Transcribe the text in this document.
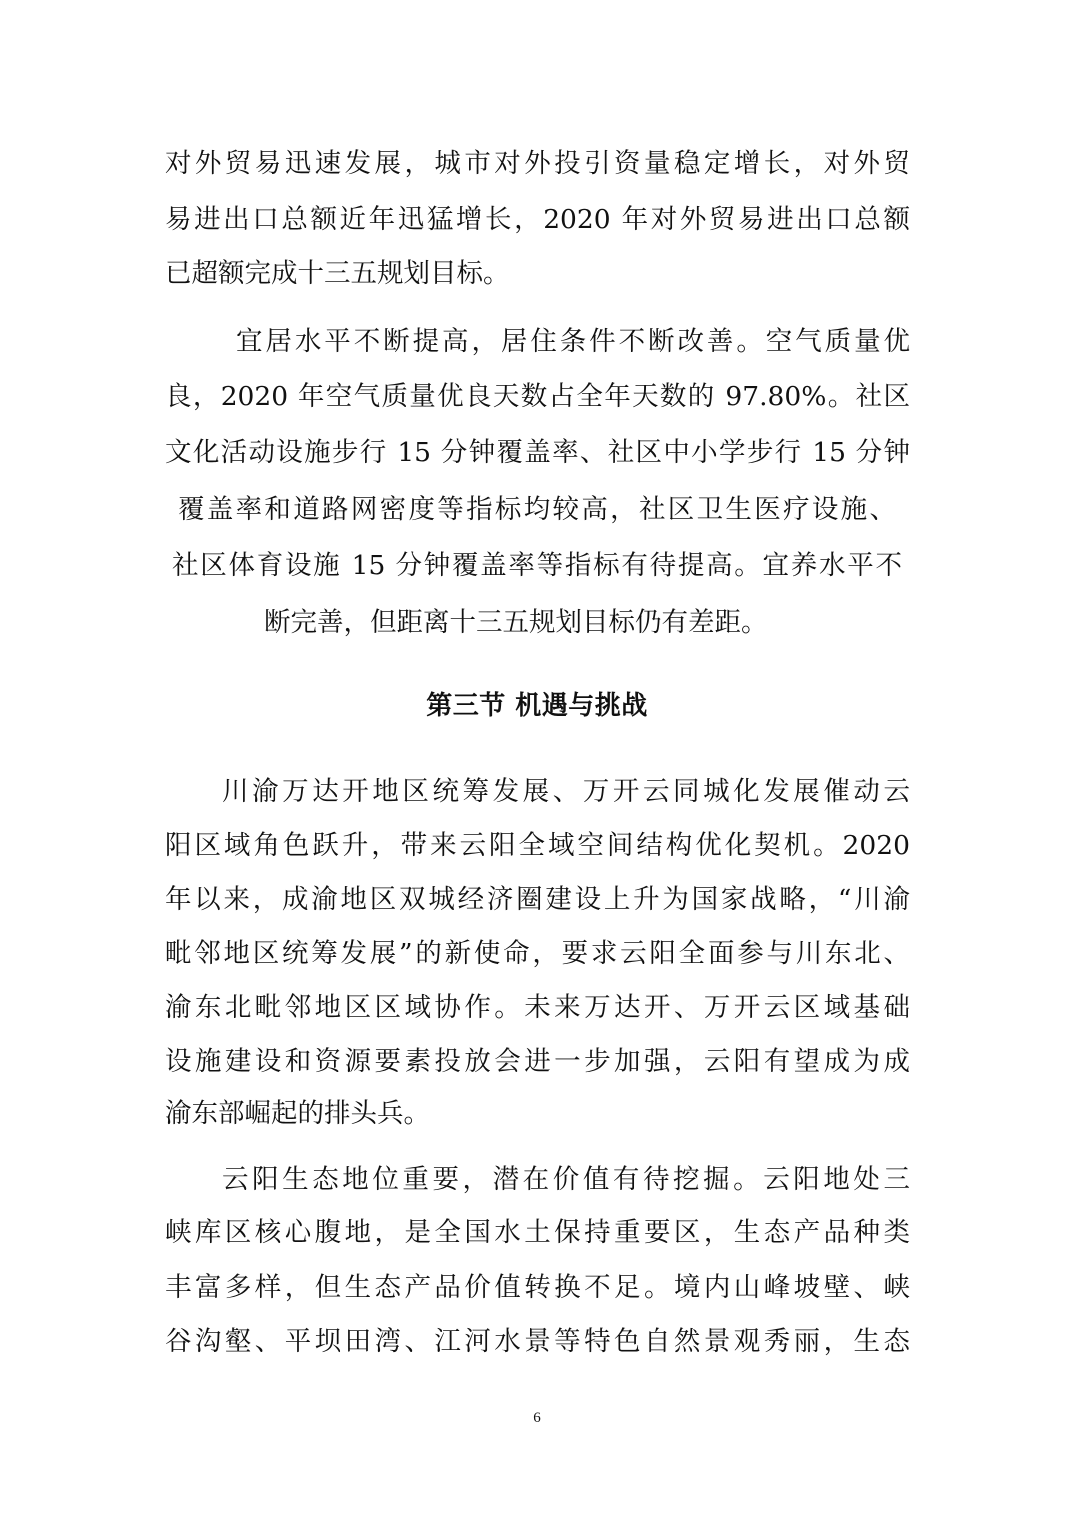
对外贸易迅速发展，城市对外投引资量稳定增长，对外贸
易进出口总额近年迅猛增长，2020 年对外贸易进出口总额
已超额完成十三五规划目标。
宜居水平不断提高，居住条件不断改善。空气质量优
良，2020 年空气质量优良天数占全年天数的 97.80%。社区
文化活动设施步行 15 分钟覆盖率、社区中小学步行 15 分钟
覆盖率和道路网密度等指标均较高，社区卫生医疗设施、
社区体育设施 15 分钟覆盖率等指标有待提高。宜养水平不
断完善，但距离十三五规划目标仍有差距。
第三节 机遇与挑战
川渝万达开地区统筹发展、万开云同城化发展催动云
阳区域角色跃升，带来云阳全域空间结构优化契机。2020
年以来，成渝地区双城经济圈建设上升为国家战略，“川渝
毗邻地区统筹发展”的新使命，要求云阳全面参与川东北、
渝东北毗邻地区区域协作。未来万达开、万开云区域基础
设施建设和资源要素投放会进一步加强，云阳有望成为成
渝东部崛起的排头兵。
云阳生态地位重要，潜在价值有待挖掘。云阳地处三
峡库区核心腹地，是全国水土保持重要区，生态产品种类
丰富多样，但生态产品价值转换不足。境内山峰坡壁、峡
谷沟壑、平坝田湾、江河水景等特色自然景观秀丽，生态
6
